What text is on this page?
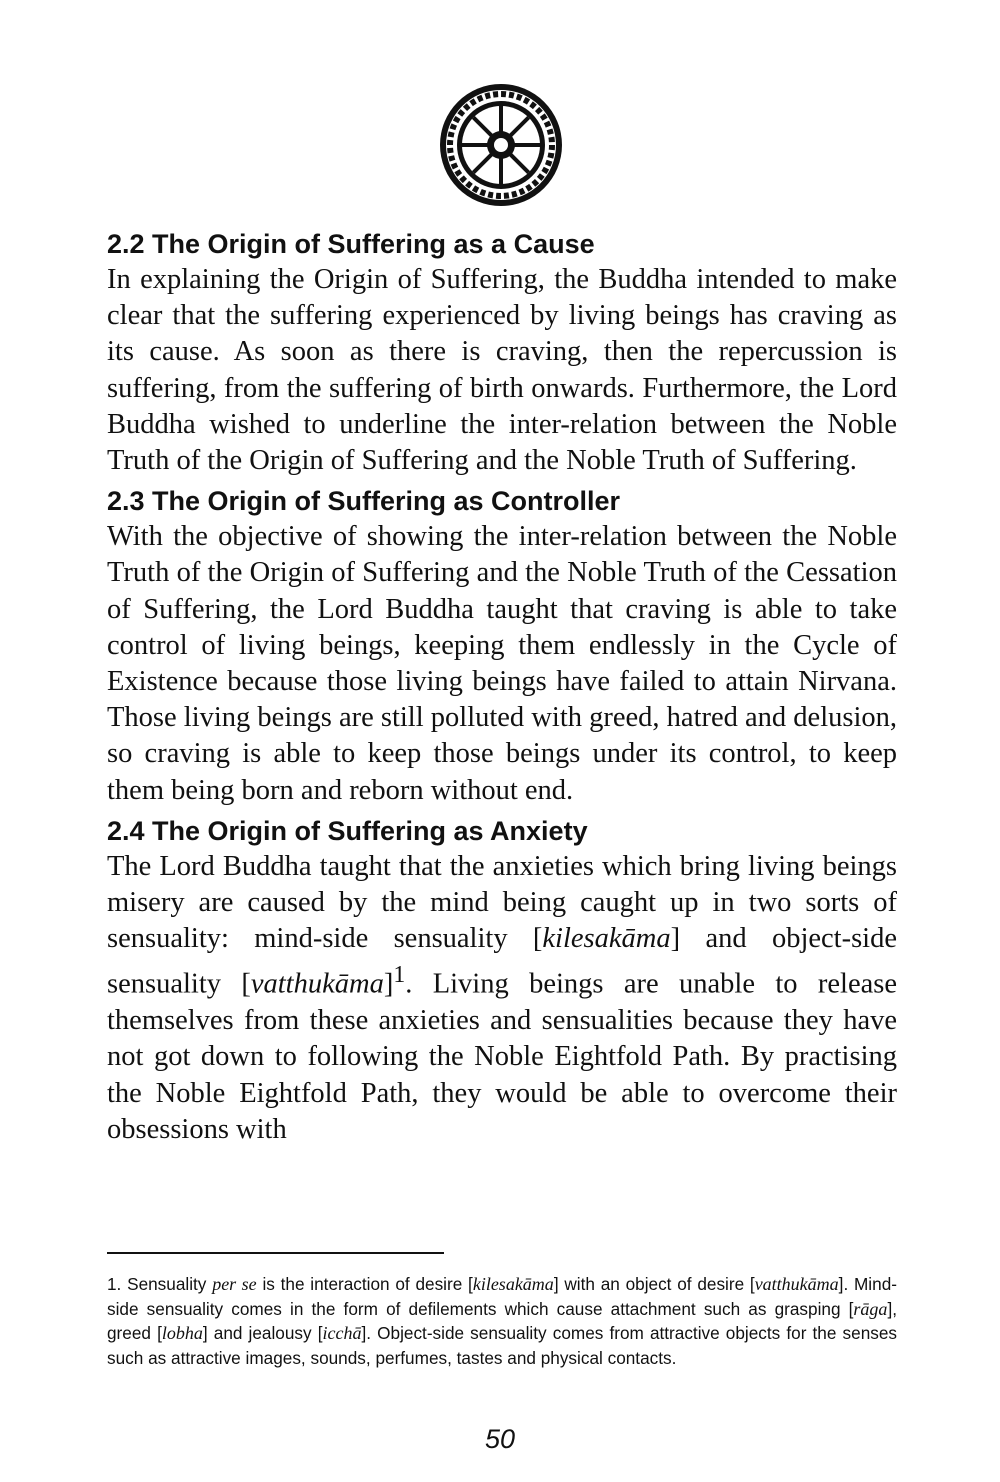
2.2 The Origin of Suffering as a Cause

In explaining the Origin of Suffering, the Buddha intended to make clear that the suffering experienced by living beings has craving as its cause. As soon as there is craving, then the repercussion is suffering, from the suffering of birth onwards. Furthermore, the Lord Buddha wished to underline the inter-relation between the Noble Truth of the Origin of Suffering and the Noble Truth of Suffering.

2.3 The Origin of Suffering as Controller

With the objective of showing the inter-relation between the Noble Truth of the Origin of Suffering and the Noble Truth of the Cessation of Suffering, the Lord Buddha taught that craving is able to take control of living beings, keeping them endlessly in the Cycle of Existence because those living beings have failed to attain Nirvana. Those living beings are still polluted with greed, hatred and delusion, so craving is able to keep those beings under its control, to keep them being born and reborn without end.

2.4 The Origin of Suffering as Anxiety

The Lord Buddha taught that the anxieties which bring living beings misery are caused by the mind being caught up in two sorts of sensuality: mind-side sensuality [kilesakāma] and object-side sensuality [vatthukāma]$^1$. Living beings are unable to release themselves from these anxieties and sensualities because they have not got down to following the Noble Eightfold Path. By practising the Noble Eightfold Path, they would be able to overcome their obsessions with

1. Sensuality per se is the interaction of desire [kilesakāma] with an object of desire [vatthukāma]. Mind-side sensuality comes in the form of defilements which cause attachment such as grasping [rāga], greed [lobha] and jealousy [icchā]. Object-side sensuality comes from attractive objects for the senses such as attractive images, sounds, perfumes, tastes and physical contacts.
50
